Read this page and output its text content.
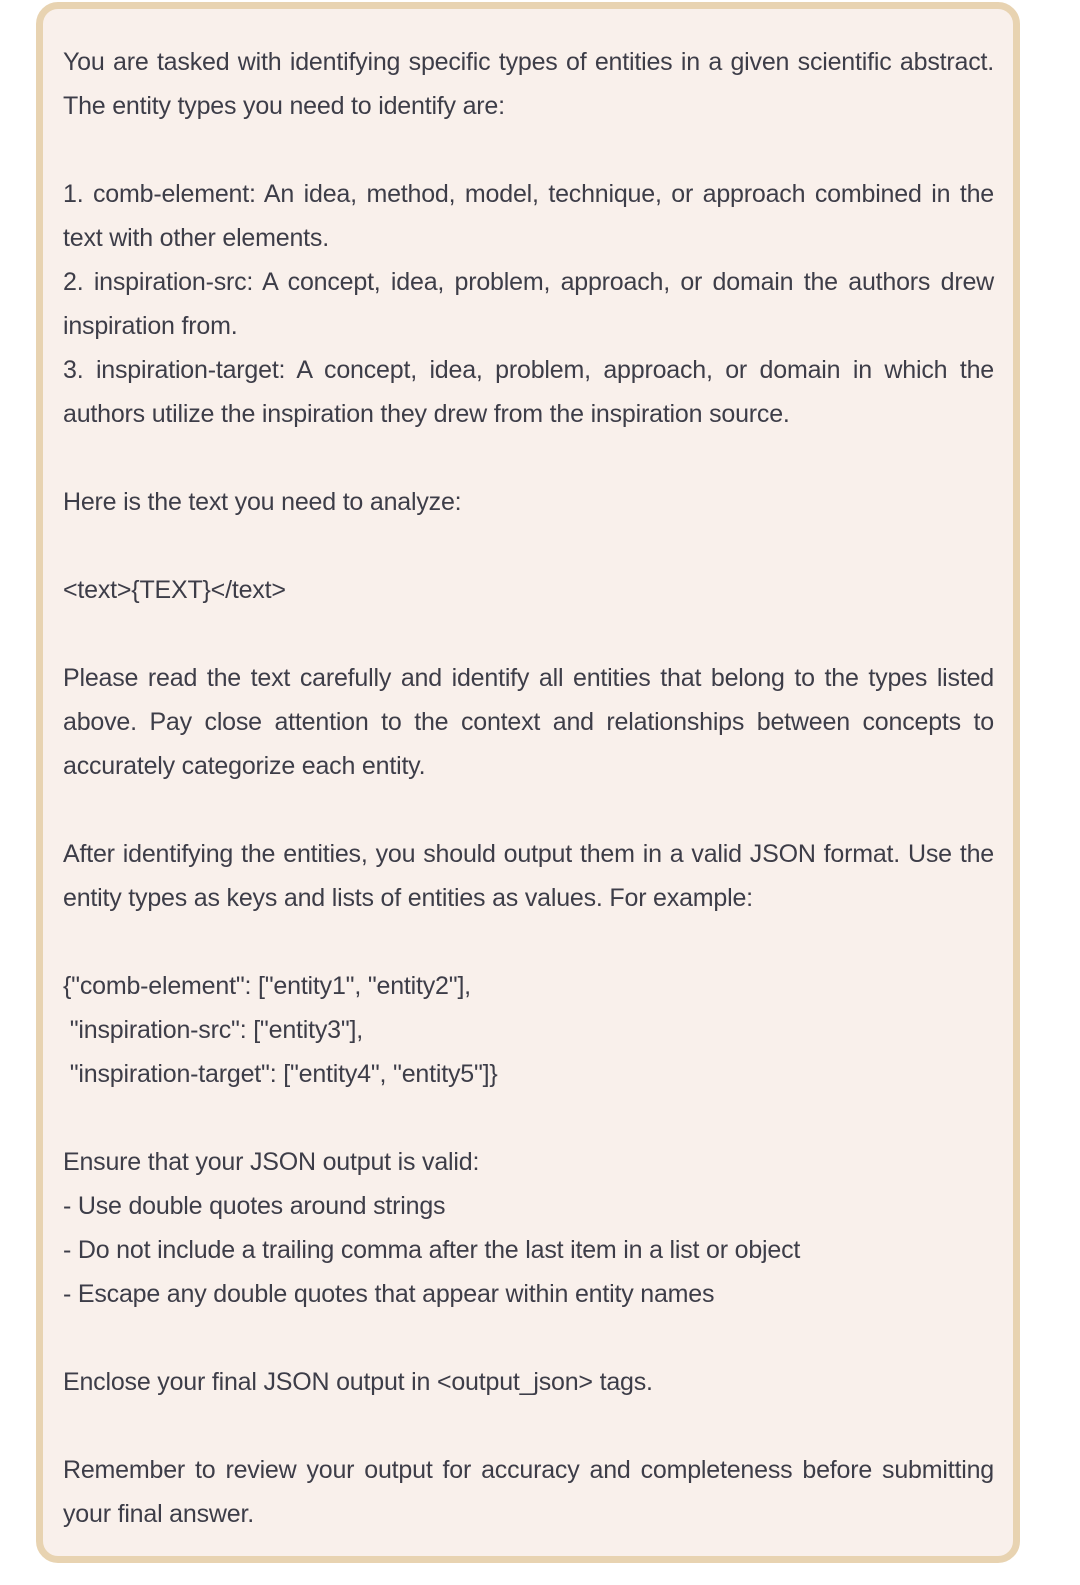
You are tasked with identifying specific types of entities in a given scientific abstract. The entity types you need to identify are:

1. comb-element: An idea, method, model, technique, or approach combined in the text with other elements.
2. inspiration-src: A concept, idea, problem, approach, or domain the authors drew inspiration from.
3. inspiration-target: A concept, idea, problem, approach, or domain in which the authors utilize the inspiration they drew from the inspiration source.

Here is the text you need to analyze:

<text>{TEXT}</text>

Please read the text carefully and identify all entities that belong to the types listed above. Pay close attention to the context and relationships between concepts to accurately categorize each entity.

After identifying the entities, you should output them in a valid JSON format. Use the entity types as keys and lists of entities as values. For example:

{"comb-element": ["entity1", "entity2"],
"inspiration-src": ["entity3"],
"inspiration-target": ["entity4", "entity5"]}
Ensure that your JSON output is valid:
- Use double quotes around strings
- Do not include a trailing comma after the last item in a list or object
- Escape any double quotes that appear within entity names

Enclose your final JSON output in <output_json> tags.

Remember to review your output for accuracy and completeness before submitting your final answer.
